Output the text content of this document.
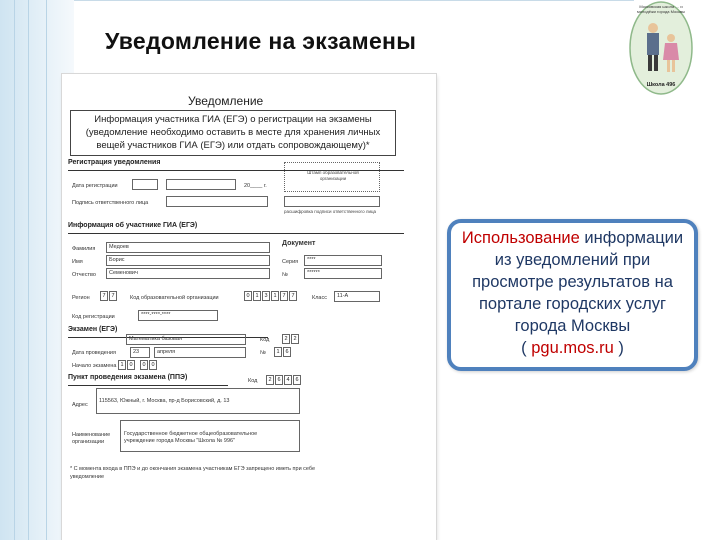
Уведомление на экзамены
Московская школа … и молодёжи города Москвы
Школа 496
Уведомление
Информация участника ГИА (ЕГЭ) о регистрации на экзамены
(уведомление необходимо оставить в месте для хранения личных
вещей участников ГИА (ЕГЭ) или отдать сопровождающему)*
Регистрация уведомления
Дата регистрации	20____ г.
Подпись ответственного лица
Штамп образовательной организации
расшифровка подписи ответственного лица
Информация об участнике ГИА (ЕГЭ)
Фамилия	Медоев
Имя	Борис
Отчество	Семенович
Документ
Серия	****
№	******
Регион	7	7	Код образовательной организации	0	1	3	1	7	7	Класс	11-А
Код регистрации	****-****-****
Экзамен (ЕГЭ)
Математика базовая	Код	2	2
Дата проведения	23	апреля	№	1	6
Начало экзамена 1	0	0	0
Пункт проведения экзамена (ППЭ)	Код	2	6	4	6
Адрес
115563, Южный, г. Москва, пр-д Борисовский, д. 13
Наименование
организации
Государственное бюджетное общеобразовательное
учреждение города Москвы "Школа № 996"
* С момента входа в ППЭ и до окончания экзамена участникам ЕГЭ запрещено иметь при себе
уведомление
Использование информации
из уведомлений при
просмотре результатов на
портале городских услуг
города Москвы
( pgu.mos.ru )
